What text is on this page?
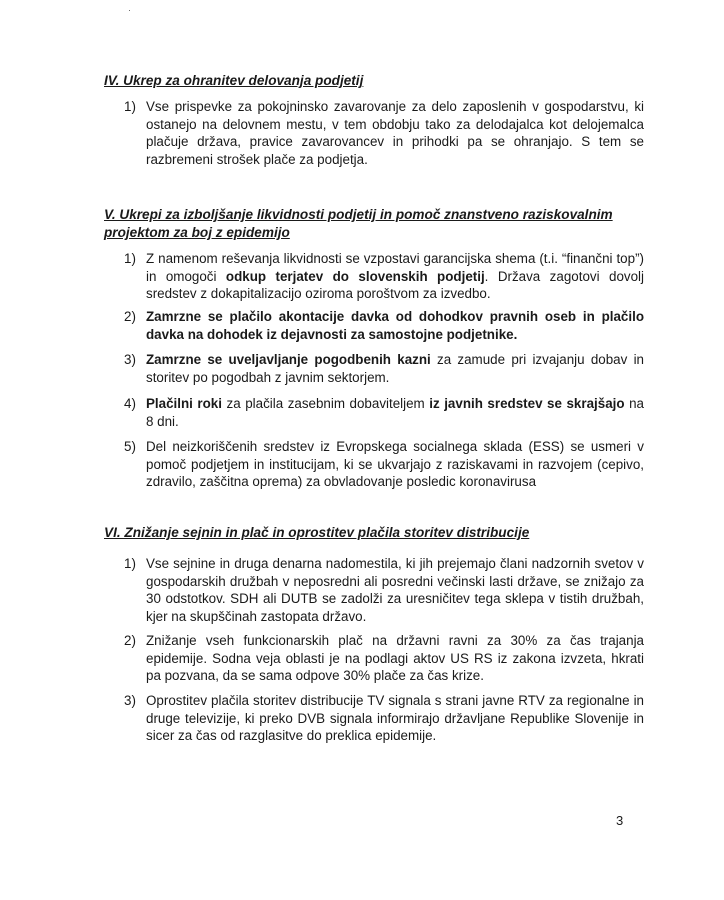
·
IV. Ukrep za ohranitev delovanja podjetij
1) Vse prispevke za pokojninsko zavarovanje za delo zaposlenih v gospodarstvu, ki ostanejo na delovnem mestu, v tem obdobju tako za delodajalca kot delojemalca plačuje država, pravice zavarovancev in prihodki pa se ohranjajo. S tem se razbremeni strošek plače za podjetja.
V. Ukrepi za izboljšanje likvidnosti podjetij in pomoč znanstveno raziskovalnim projektom za boj z epidemijo
1) Z namenom reševanja likvidnosti se vzpostavi garancijska shema (t.i. “finančni top”) in omogoči odkup terjatev do slovenskih podjetij. Država zagotovi dovolj sredstev z dokapitalizacijo oziroma poroštvom za izvedbo.
2) Zamrzne se plačilo akontacije davka od dohodkov pravnih oseb in plačilo davka na dohodek iz dejavnosti za samostojne podjetnike.
3) Zamrzne se uveljavljanje pogodbenih kazni za zamude pri izvajanju dobav in storitev po pogodbah z javnim sektorjem.
4) Plačilni roki za plačila zasebnim dobaviteljem iz javnih sredstev se skrajšajo na 8 dni.
5) Del neizkoriščenih sredstev iz Evropskega socialnega sklada (ESS) se usmeri v pomoč podjetjem in institucijam, ki se ukvarjajo z raziskavami in razvojem (cepivo, zdravilo, zaščitna oprema) za obvladovanje posledic koronavirusa
VI. Znižanje sejnin in plač in oprostitev plačila storitev distribucije
1) Vse sejnine in druga denarna nadomestila, ki jih prejemajo člani nadzornih svetov v gospodarskih družbah v neposredni ali posredni večinski lasti države, se znižajo za 30 odstotkov. SDH ali DUTB se zadolži za uresničitev tega sklepa v tistih družbah, kjer na skupščinah zastopata državo.
2) Znižanje vseh funkcionarskih plač na državni ravni za 30% za čas trajanja epidemije. Sodna veja oblasti je na podlagi aktov US RS iz zakona izvzeta, hkrati pa pozvana, da se sama odpove 30% plače za čas krize.
3) Oprostitev plačila storitev distribucije TV signala s strani javne RTV za regionalne in druge televizije, ki preko DVB signala informirajo državljane Republike Slovenije in sicer za čas od razglasitve do preklica epidemije.
3
